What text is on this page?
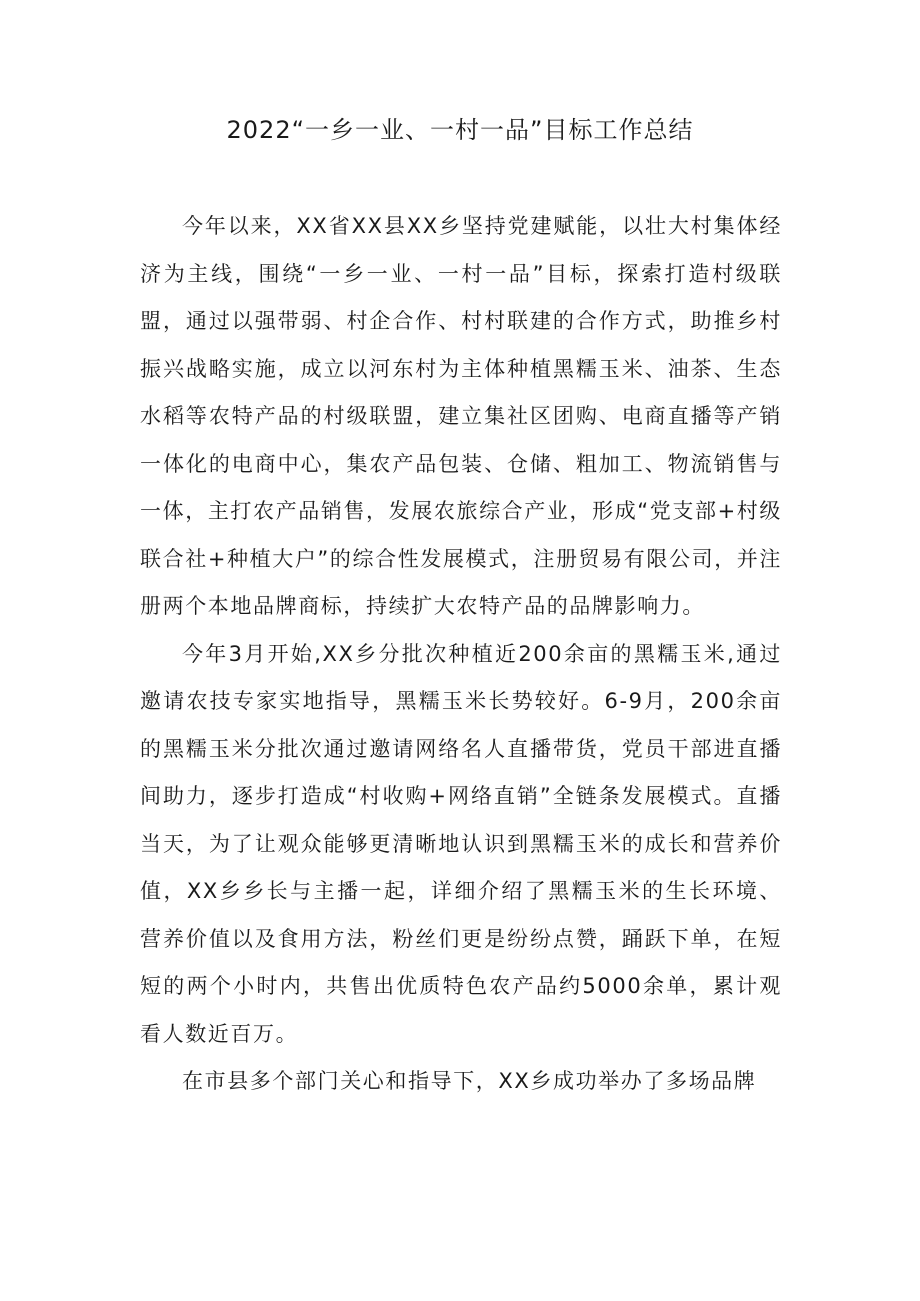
2022“一乡一业、一村一品”目标工作总结

今年以来，XX省XX县XX乡坚持党建赋能，以壮大村集体经济为主线，围绕“一乡一业、一村一品”目标，探索打造村级联盟，通过以强带弱、村企合作、村村联建的合作方式，助推乡村振兴战略实施，成立以河东村为主体种植黑糯玉米、油茶、生态水稻等农特产品的村级联盟，建立集社区团购、电商直播等产销一体化的电商中心，集农产品包装、仓储、粗加工、物流销售与一体，主打农产品销售，发展农旅综合产业，形成“党支部+村级联合社+种植大户”的综合性发展模式，注册贸易有限公司，并注册两个本地品牌商标，持续扩大农特产品的品牌影响力。

今年3月开始,XX乡分批次种植近200余亩的黑糯玉米,通过邀请农技专家实地指导，黑糯玉米长势较好。6-9月，200余亩的黑糯玉米分批次通过邀请网络名人直播带货，党员干部进直播间助力，逐步打造成“村收购+网络直销”全链条发展模式。直播当天，为了让观众能够更清晰地认识到黑糯玉米的成长和营养价值，XX乡乡长与主播一起，详细介绍了黑糯玉米的生长环境、营养价值以及食用方法，粉丝们更是纷纷点赞，踊跃下单，在短短的两个小时内，共售出优质特色农产品约5000余单，累计观看人数近百万。

在市县多个部门关心和指导下，XX乡成功举办了多场品牌
